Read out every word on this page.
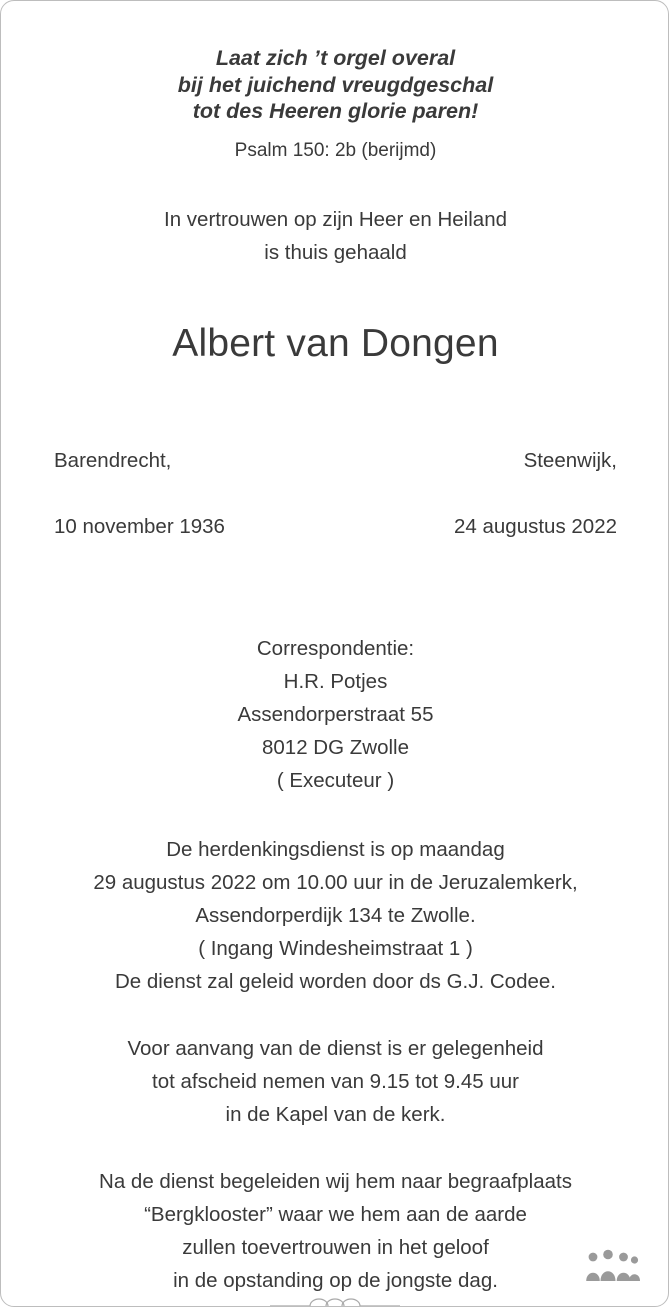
Laat zich ’t orgel overal
bij het juichend vreugdgeschal
tot des Heeren glorie paren!
Psalm 150: 2b (berijmd)
In vertrouwen op zijn Heer en Heiland
is thuis gehaald
Albert van Dongen

Barendrecht,

10 november 1936

Steenwijk,

24 augustus 2022

Correspondentie:
H.R. Potjes
Assendorperstraat 55
8012 DG Zwolle
( Executeur )
De herdenkingsdienst is op maandag
29 augustus 2022 om 10.00 uur in de Jeruzalemkerk,
Assendorperdijk 134 te Zwolle.
( Ingang Windesheimstraat 1 )
De dienst zal geleid worden door ds G.J. Codee.
Voor aanvang van de dienst is er gelegenheid
tot afscheid nemen van 9.15 tot 9.45 uur
in de Kapel van de kerk.
Na de dienst begeleiden wij hem naar begraafplaats
“Bergklooster” waar we hem aan de aarde
zullen toevertrouwen in het geloof
in de opstanding op de jongste dag.
